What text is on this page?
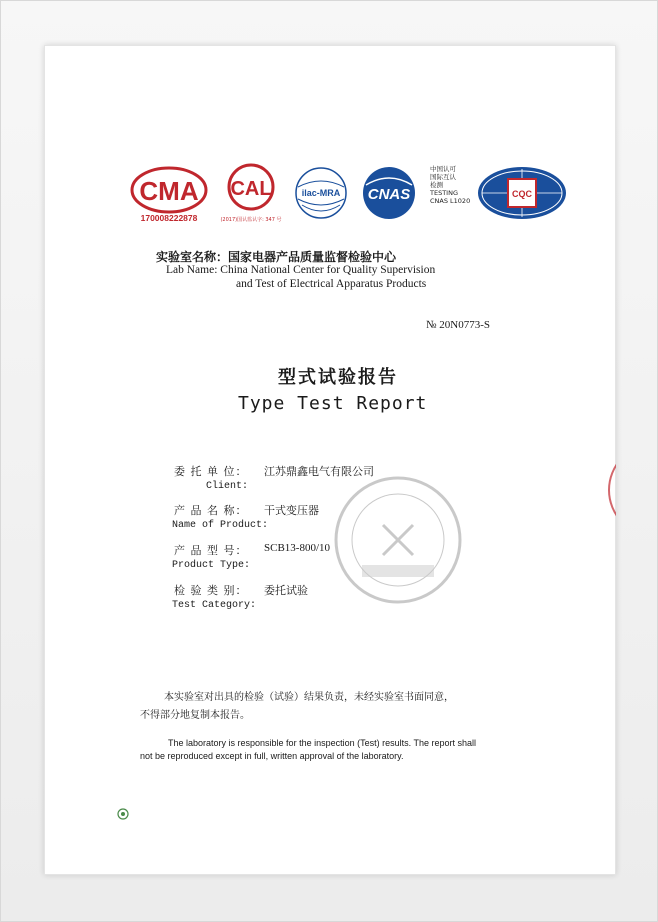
CMA
170008222878
CAL
(2017)国认监认字: 347 号
ilac-MRA CNAS
中国认可
国际互认
检测
TESTING
CNAS L1020
CQC
实验室名称：国家电器产品质量监督检验中心
Lab Name: China National Center for Quality Supervision
and Test of Electrical Apparatus Products
№ 20N0773-S
型式试验报告
Type Test Report
委 托 单 位： 江苏鼎鑫电气有限公司
Client:
产 品 名 称： 干式变压器
Name of Product:
产 品 型 号： SCB13-800/10
Product Type:
检 验 类 别： 委托试验
Test Category:
本实验室对出具的检验（试验）结果负责，未经实验室书面同意，
不得部分地复制本报告。
The laboratory is responsible for the inspection (Test) results. The report shall
not be reproduced except in full, written approval of the laboratory.
